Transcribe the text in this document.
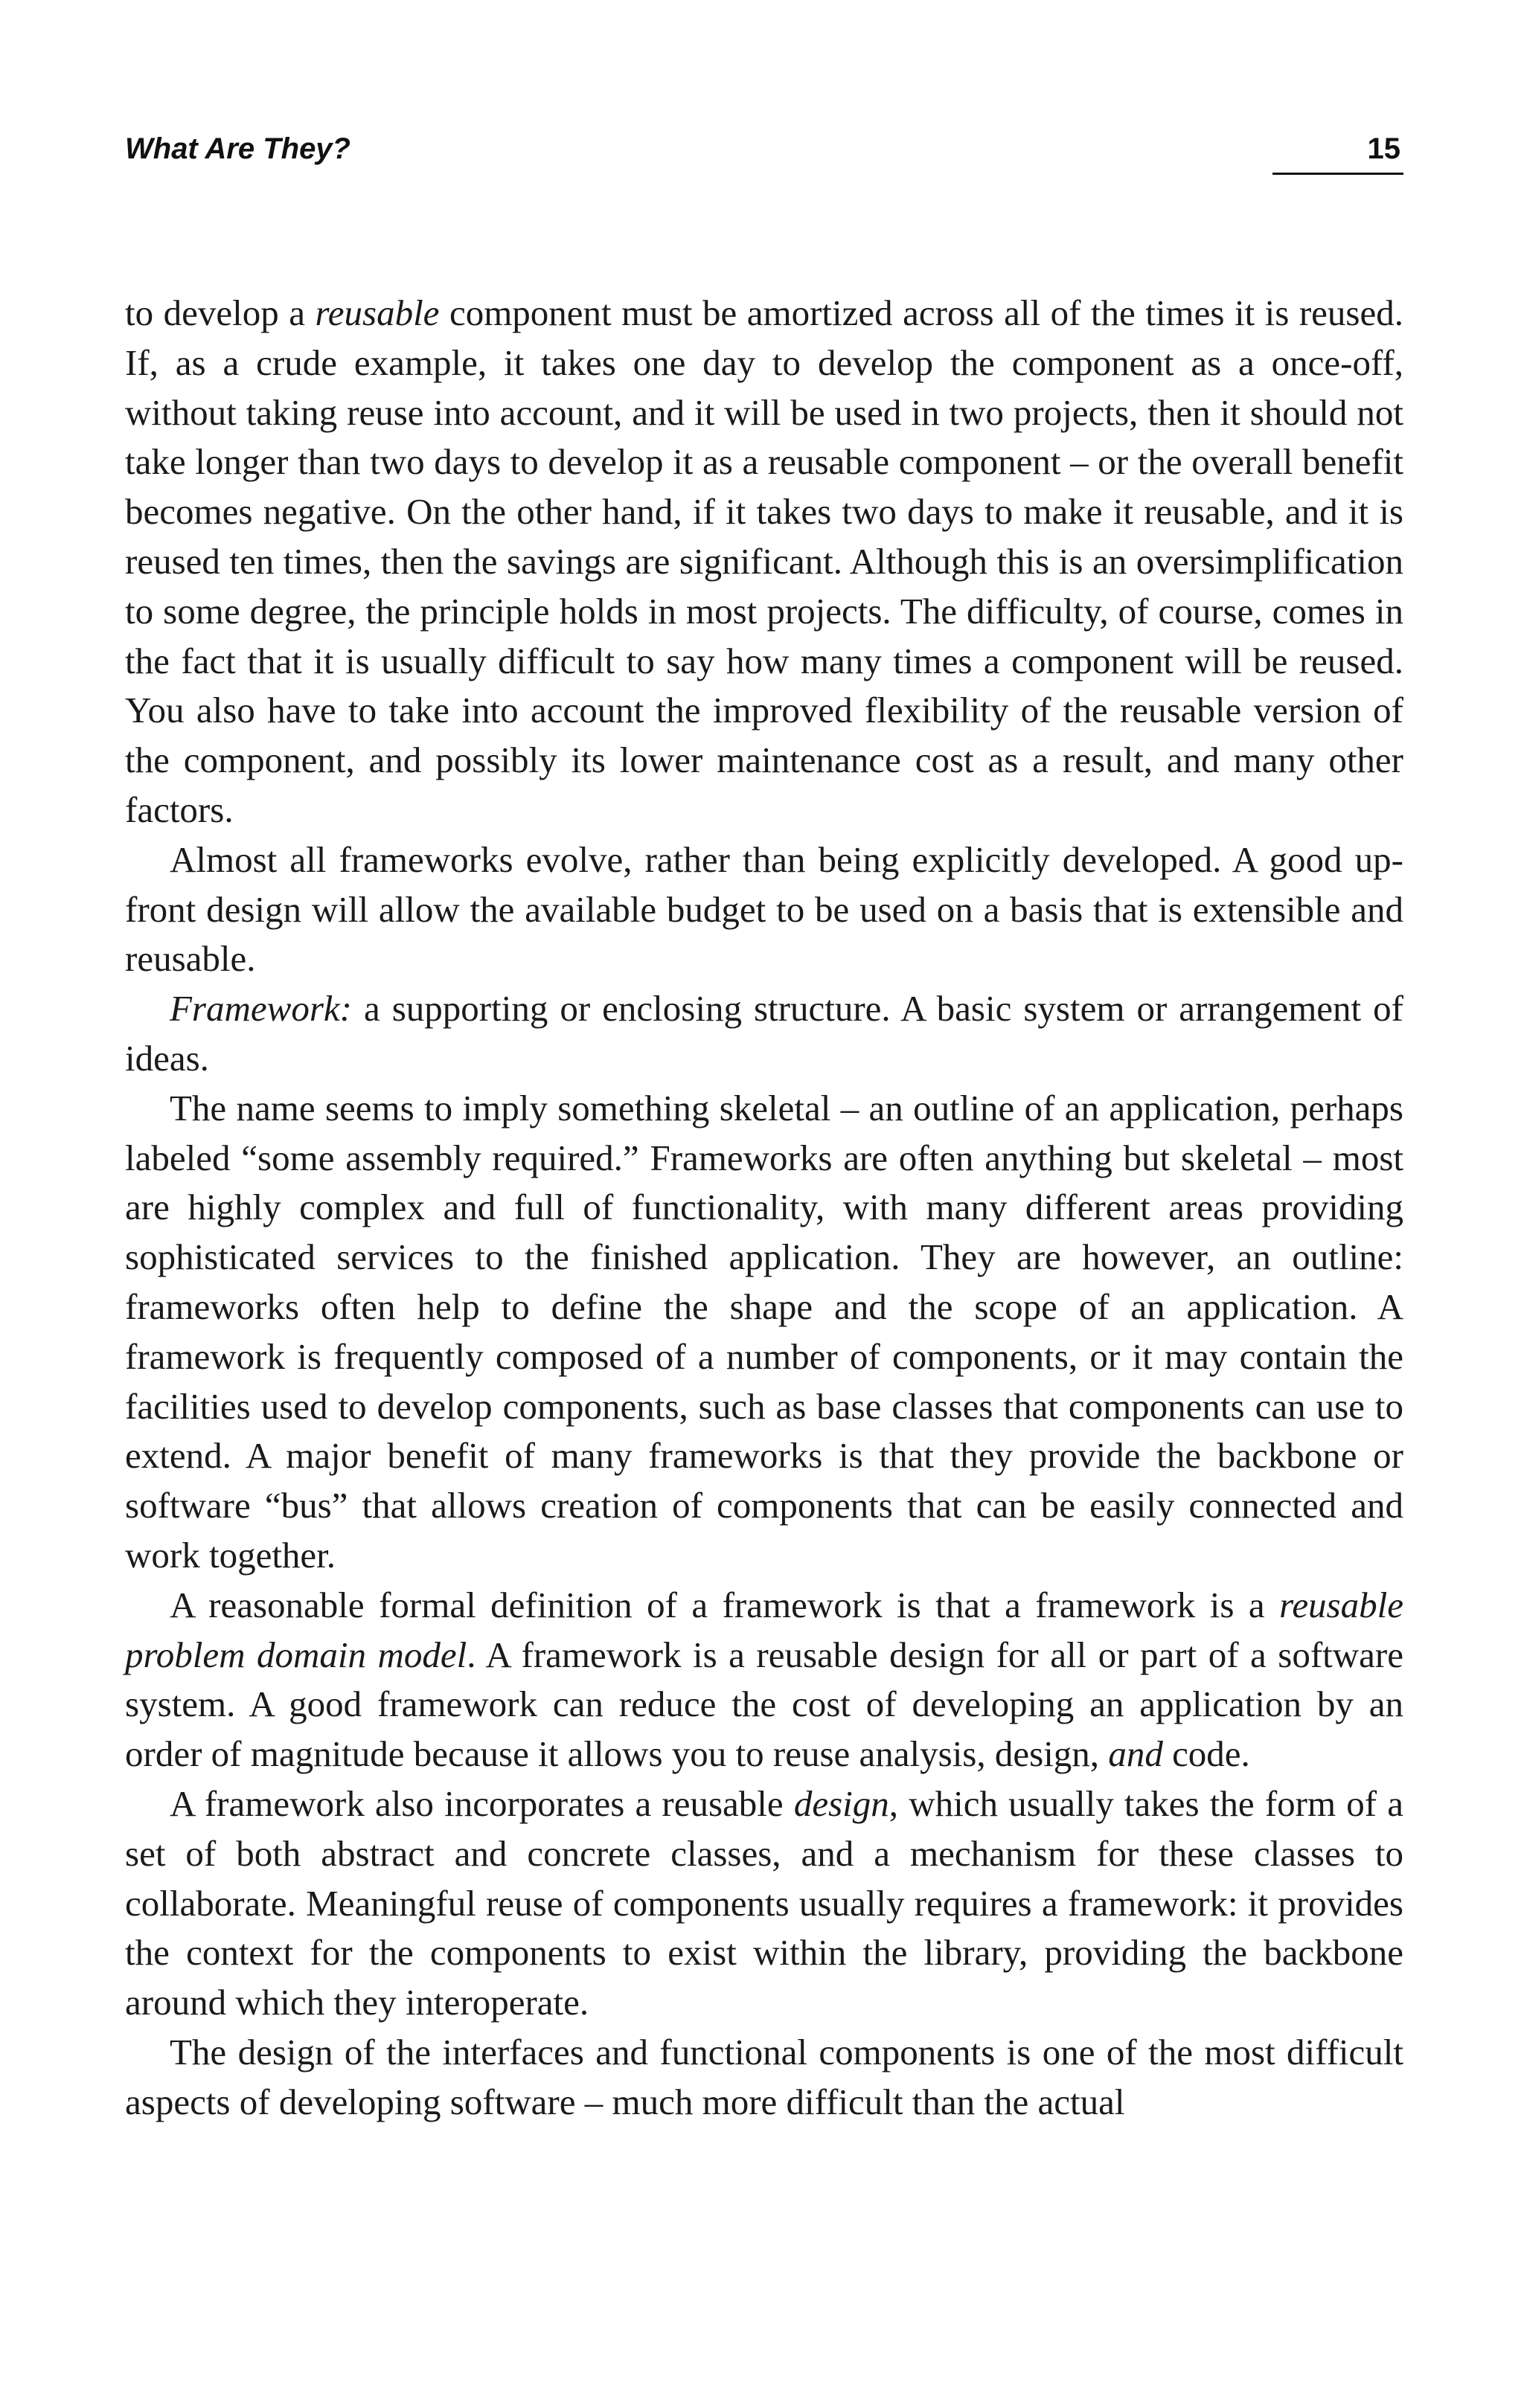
What Are They?	15

to develop a reusable component must be amortized across all of the times it is reused. If, as a crude example, it takes one day to develop the component as a once-off, without taking reuse into account, and it will be used in two projects, then it should not take longer than two days to develop it as a reusable component – or the overall benefit becomes negative. On the other hand, if it takes two days to make it reusable, and it is reused ten times, then the savings are significant. Although this is an oversimplification to some degree, the principle holds in most projects. The difficulty, of course, comes in the fact that it is usually difficult to say how many times a component will be reused. You also have to take into account the improved flexibility of the reusable version of the component, and possibly its lower maintenance cost as a result, and many other factors.

Almost all frameworks evolve, rather than being explicitly developed. A good up-front design will allow the available budget to be used on a basis that is extensible and reusable.

Framework: a supporting or enclosing structure. A basic system or arrangement of ideas.

The name seems to imply something skeletal – an outline of an application, perhaps labeled “some assembly required.” Frameworks are often anything but skeletal – most are highly complex and full of functionality, with many different areas providing sophisticated services to the finished application. They are however, an outline: frameworks often help to define the shape and the scope of an application. A framework is frequently composed of a number of components, or it may contain the facilities used to develop components, such as base classes that components can use to extend. A major benefit of many frameworks is that they provide the backbone or software “bus” that allows creation of components that can be easily connected and work together.

A reasonable formal definition of a framework is that a framework is a reusable problem domain model. A framework is a reusable design for all or part of a software system. A good framework can reduce the cost of developing an application by an order of magnitude because it allows you to reuse analysis, design, and code.

A framework also incorporates a reusable design, which usually takes the form of a set of both abstract and concrete classes, and a mechanism for these classes to collaborate. Meaningful reuse of components usually requires a framework: it provides the context for the components to exist within the library, providing the backbone around which they interoperate.

The design of the interfaces and functional components is one of the most difficult aspects of developing software – much more difficult than the actual
